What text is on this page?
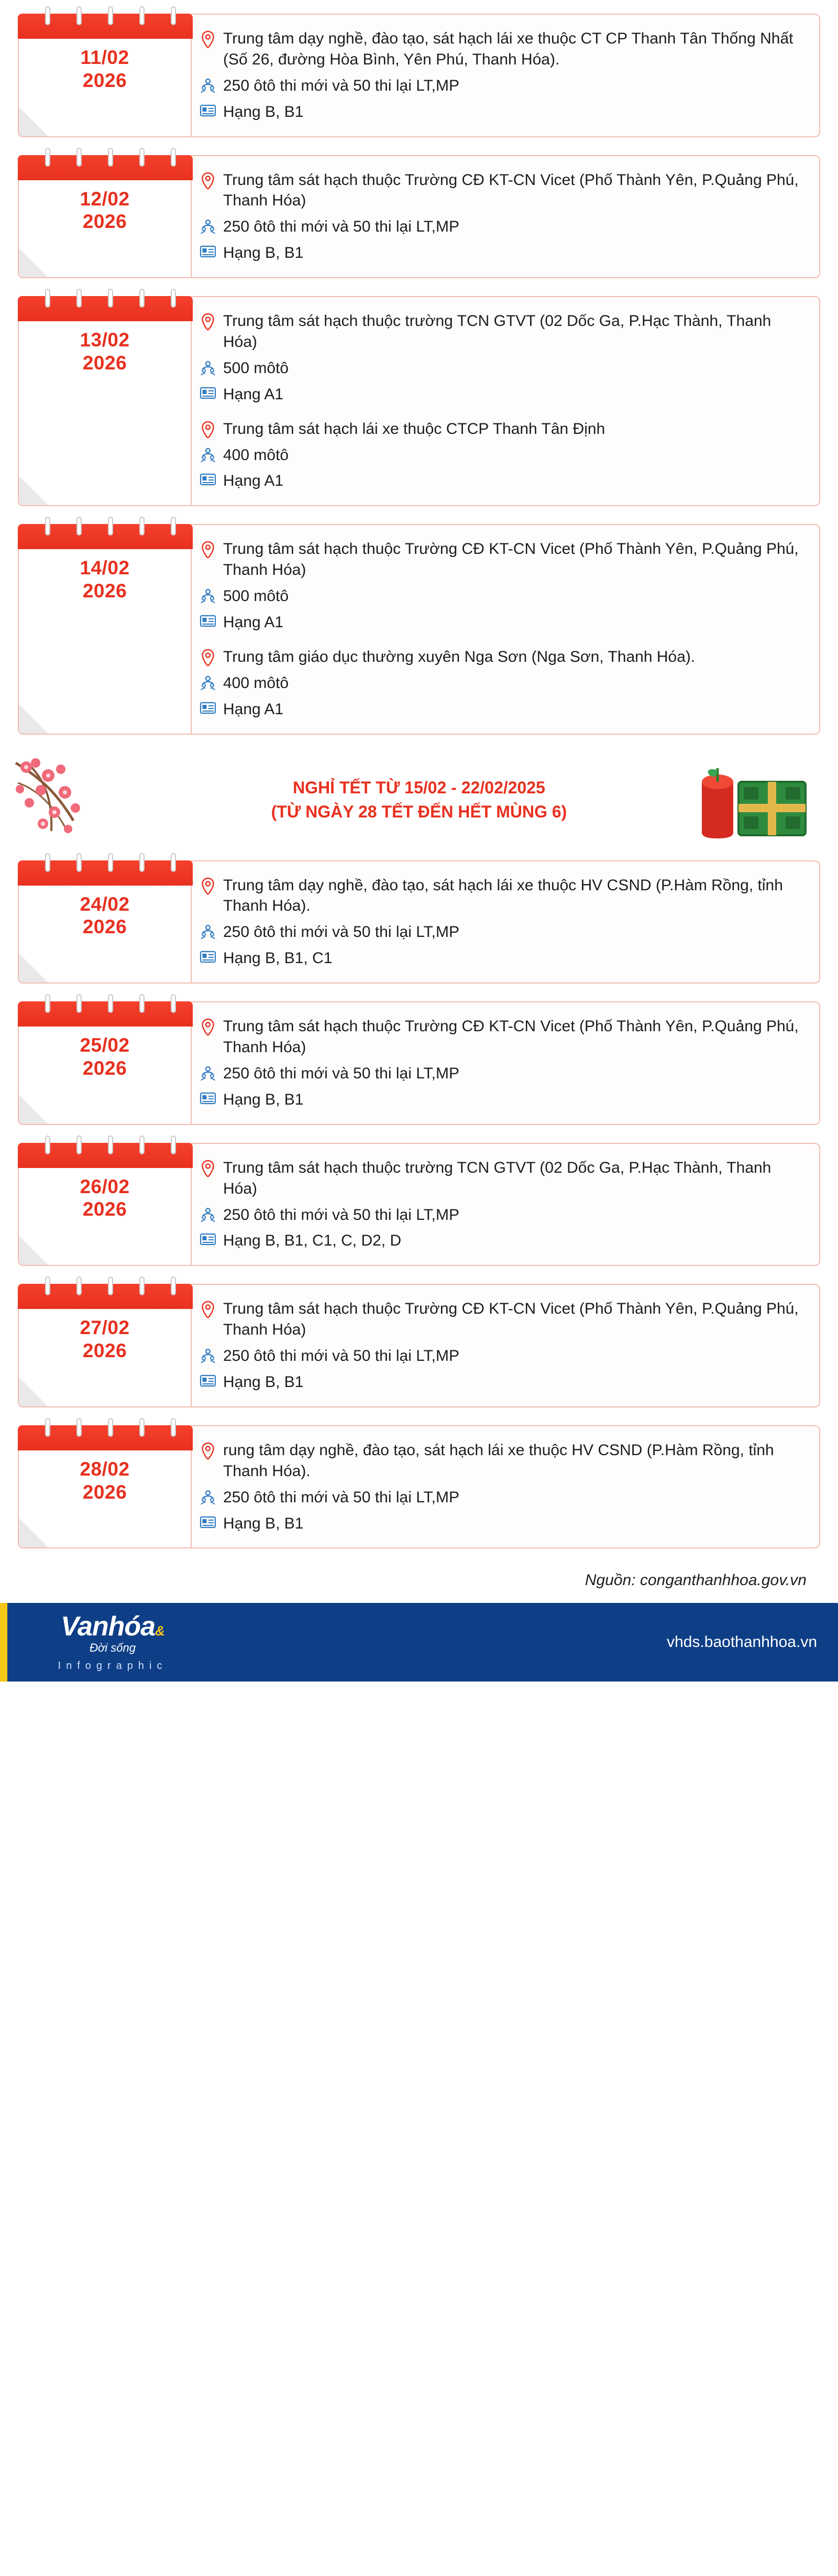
11/02
2026
Trung tâm dạy nghề, đào tạo, sát hạch lái xe thuộc CT CP Thanh Tân Thống Nhất (Số 26, đường Hòa Bình, Yên Phú, Thanh Hóa).
250 ôtô thi mới và 50 thi lại LT,MP
Hạng B, B1
12/02
2026
Trung tâm sát hạch thuộc Trường CĐ KT-CN Vicet (Phố Thành Yên, P.Quảng Phú, Thanh Hóa)
250 ôtô thi mới và 50 thi lại LT,MP
Hạng B, B1
13/02
2026
Trung tâm sát hạch thuộc trường TCN GTVT (02 Dốc Ga, P.Hạc Thành, Thanh Hóa)
500 môtô
Hạng A1
Trung tâm sát hạch lái xe thuộc CTCP Thanh Tân Định
400 môtô
Hạng A1
14/02
2026
Trung tâm sát hạch thuộc Trường CĐ KT-CN Vicet (Phố Thành Yên, P.Quảng Phú, Thanh Hóa)
500 môtô
Hạng A1
Trung tâm giáo dục thường xuyên Nga Sơn (Nga Sơn, Thanh Hóa).
400 môtô
Hạng A1
NGHỈ TẾT TỪ 15/02 - 22/02/2025
(TỪ NGÀY 28 TẾT ĐẾN HẾT MÙNG 6)
24/02
2026
Trung tâm dạy nghề, đào tạo, sát hạch lái xe thuộc HV CSND (P.Hàm Rồng, tỉnh Thanh Hóa).
250 ôtô thi mới và 50 thi lại LT,MP
Hạng B, B1, C1
25/02
2026
Trung tâm sát hạch thuộc Trường CĐ KT-CN Vicet (Phố Thành Yên, P.Quảng Phú, Thanh Hóa)
250 ôtô thi mới và 50 thi lại LT,MP
Hạng B, B1
26/02
2026
Trung tâm sát hạch thuộc trường TCN GTVT (02 Dốc Ga, P.Hạc Thành, Thanh Hóa)
250 ôtô thi mới và 50 thi lại LT,MP
Hạng B, B1, C1, C, D2, D
27/02
2026
Trung tâm sát hạch thuộc Trường CĐ KT-CN Vicet (Phố Thành Yên, P.Quảng Phú, Thanh Hóa)
250 ôtô thi mới và 50 thi lại LT,MP
Hạng B, B1
28/02
2026
rung tâm dạy nghề, đào tạo, sát hạch lái xe thuộc HV CSND (P.Hàm Rồng, tỉnh Thanh Hóa).
250 ôtô thi mới và 50 thi lại LT,MP
Hạng B, B1
Nguồn: conganthanhhoa.gov.vn
Vanhóa&
Đời sống
Infographic
vhds.baothanhhoa.vn
